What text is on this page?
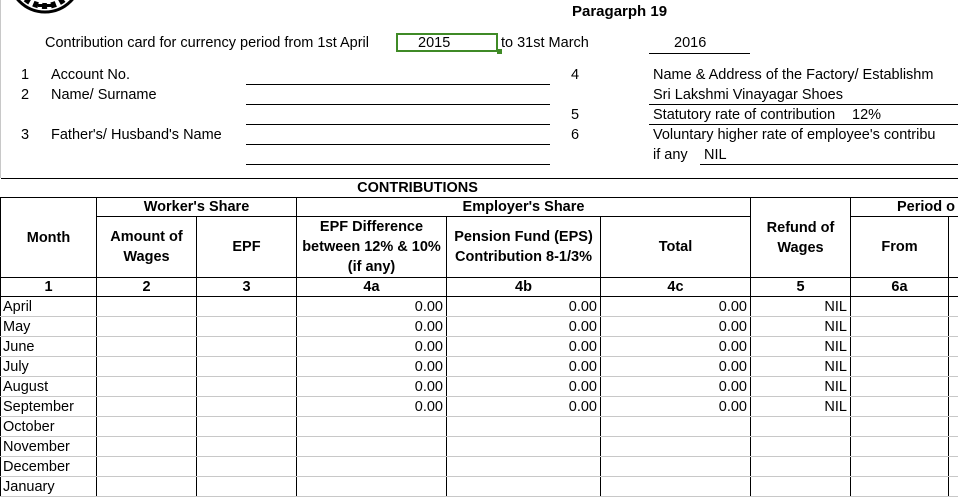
Paragarph 19
Contribution card for currency period from 1st April	2015	to 31st March	2016
1 Account No.
2 Name/ Surname
3 Father's/ Husband's Name
4	Name & Address of the Factory/ Establishm
Sri Lakshmi Vinayagar Shoes
5	Statutory rate of contribution 12%
6	Voluntary higher rate of employee's contribu
if any NIL
CONTRIBUTIONS								
Month	Worker's Share		Employer's Share			Refund of Wages	Period o	
	Amount of Wages	EPF	EPF Difference between 12% & 10% (if any)	Pension Fund (EPS) Contribution 8-1/3%	Total		From	
1	2	3	4a	4b	4c	5	6a	
April			0.00	0.00	0.00	NIL		
May			0.00	0.00	0.00	NIL		
June			0.00	0.00	0.00	NIL		
July			0.00	0.00	0.00	NIL		
August			0.00	0.00	0.00	NIL		
September			0.00	0.00	0.00	NIL		
October								
November								
December								
January								
